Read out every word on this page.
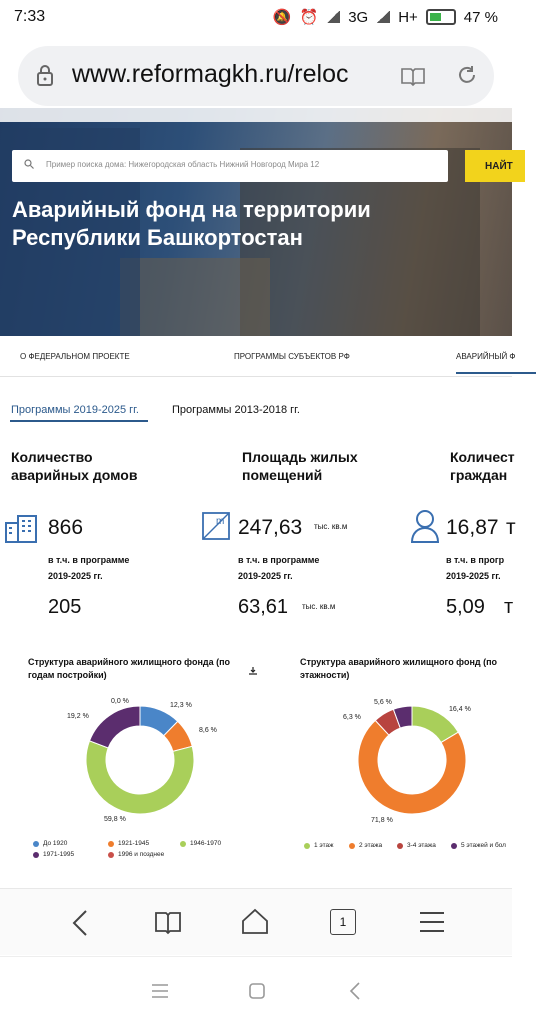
7:33	🔕 ⏰ 3G H+	47 %
www.reformagkh.ru/reloc
Пример поиска дома: Нижегородская область Нижний Новгород Мира 12	НАЙТ
Аварийный фонд на территории Республики Башкортостан
О ФЕДЕРАЛЬНОМ ПРОЕКТЕ	ПРОГРАММЫ СУБЪЕКТОВ РФ	АВАРИЙНЫЙ Ф
Программы 2019-2025 гг.	Программы 2013-2018 гг.
Количество аварийных домов
Площадь жилых помещений
Количест граждан
m
866	247,63 тыс. кв.м	16,87 т
в т.ч. в программе 2019-2025 гг.
в т.ч. в программе 2019-2025 гг.
в т.ч. в прогр 2019-2025 гг.
205	63,61 тыс. кв.м	5,09 т
Структура аварийного жилищного фонда (по годам постройки)
12,3 %
8,6 %
59,8 %
19,2 %
0,0 %
До 1920	1921-1945	1946-1970
1971-1995	1996 и позднее
Структура аварийного жилищного фонд (по этажности)
16,4 %
71,8 %
6,3 %
5,6 %
1 этаж	2 этажа	3-4 этажа	5 этажей и бол
1
